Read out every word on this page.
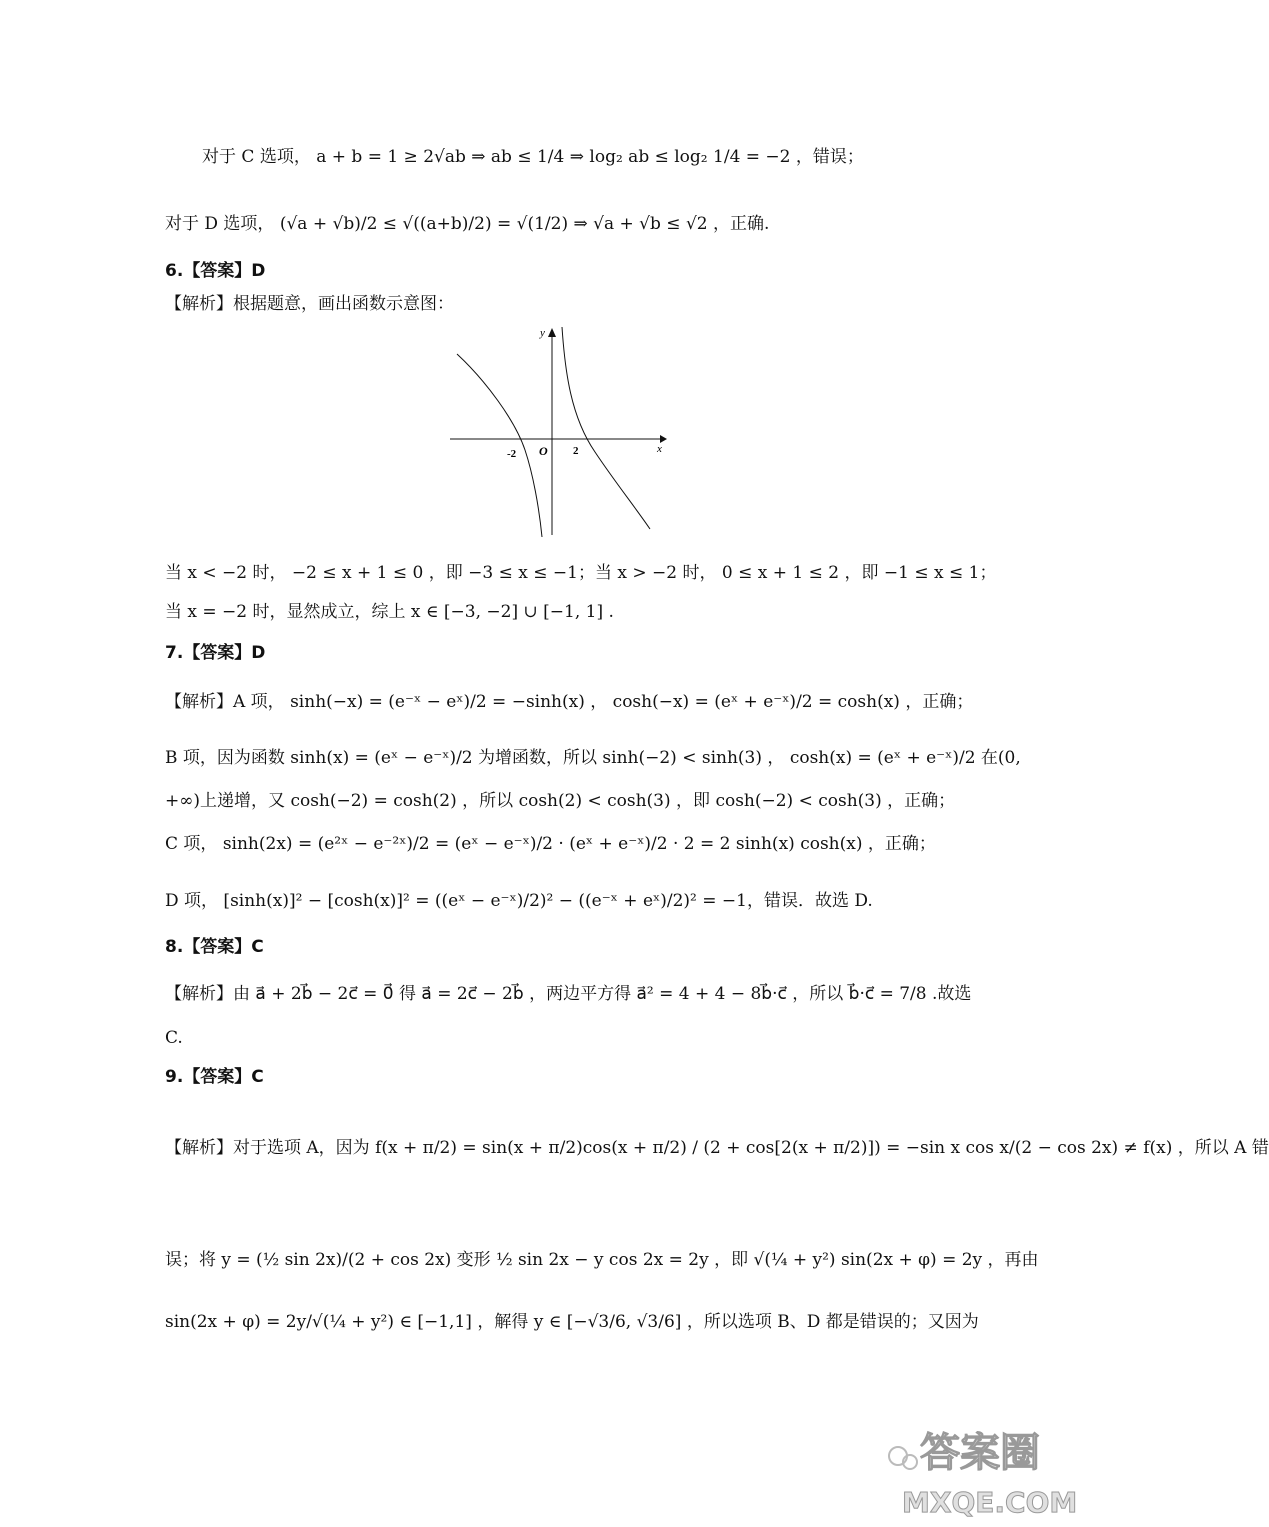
对于 C 选项， a + b = 1 ≥ 2√ab ⇒ ab ≤ 1/4 ⇒ log₂ ab ≤ log₂ 1/4 = −2 ，错误；
对于 D 选项， (√a + √b)/2 ≤ √((a+b)/2) = √(1/2) ⇒ √a + √b ≤ √2 ，正确.
6.【答案】D
【解析】根据题意，画出函数示意图：
y
x
O
-2	2
当 x < −2 时， −2 ≤ x + 1 ≤ 0 ，即 −3 ≤ x ≤ −1；当 x > −2 时， 0 ≤ x + 1 ≤ 2 ，即 −1 ≤ x ≤ 1；
当 x = −2 时，显然成立，综上 x ∈ [−3, −2] ∪ [−1, 1] .
7.【答案】D
【解析】A 项， sinh(−x) = (e⁻ˣ − eˣ)/2 = −sinh(x) ， cosh(−x) = (eˣ + e⁻ˣ)/2 = cosh(x) ，正确；
B 项，因为函数 sinh(x) = (eˣ − e⁻ˣ)/2 为增函数，所以 sinh(−2) < sinh(3) ， cosh(x) = (eˣ + e⁻ˣ)/2 在(0,
+∞)上递增，又 cosh(−2) = cosh(2) ，所以 cosh(2) < cosh(3) ，即 cosh(−2) < cosh(3) ，正确；
C 项， sinh(2x) = (e²ˣ − e⁻²ˣ)/2 = (eˣ − e⁻ˣ)/2 · (eˣ + e⁻ˣ)/2 · 2 = 2 sinh(x) cosh(x) ，正确；
D 项， [sinh(x)]² − [cosh(x)]² = ((eˣ − e⁻ˣ)/2)² − ((e⁻ˣ + eˣ)/2)² = −1，错误．故选 D.
8.【答案】C
【解析】由 a⃗ + 2b⃗ − 2c⃗ = 0⃗ 得 a⃗ = 2c⃗ − 2b⃗ ，两边平方得 a⃗² = 4 + 4 − 8b⃗·c⃗ ，所以 b⃗·c⃗ = 7/8 .故选
C.
9.【答案】C
【解析】对于选项 A，因为 f(x + π/2) = sin(x + π/2)cos(x + π/2) / (2 + cos[2(x + π/2)]) = −sin x cos x/(2 − cos 2x) ≠ f(x) ，所以 A 错
误；将 y = (½ sin 2x)/(2 + cos 2x) 变形 ½ sin 2x − y cos 2x = 2y ，即 √(¼ + y²) sin(2x + φ) = 2y ，再由
sin(2x + φ) = 2y/√(¼ + y²) ∈ [−1,1] ，解得 y ∈ [−√3/6, √3/6] ，所以选项 B、D 都是错误的；又因为
答案圈
MXQE.COM
